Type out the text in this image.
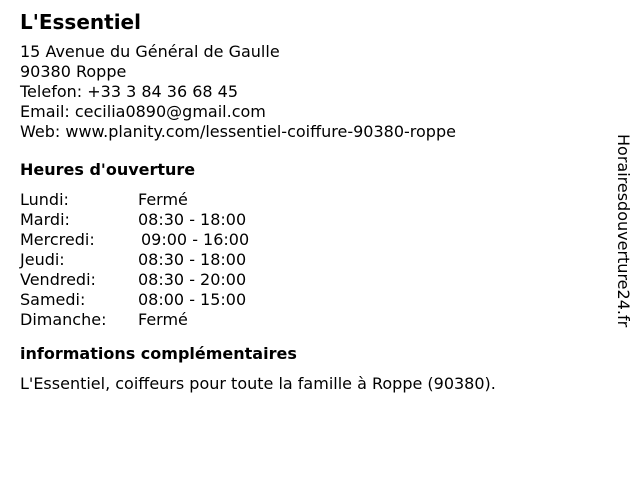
L'Essentiel
15 Avenue du Général de Gaulle
90380 Roppe
Telefon: +33 3 84 36 68 45
Email: cecilia0890@gmail.com
Web: www.planity.com/lessentiel-coiffure-90380-roppe
Heures d'ouverture
Lundi:	Fermé
Mardi:	08:30 - 18:00
Mercredi:	09:00 - 16:00
Jeudi:	08:30 - 18:00
Vendredi:	08:30 - 20:00
Samedi:	08:00 - 15:00
Dimanche:	Fermé
informations complémentaires
L'Essentiel, coiffeurs pour toute la famille à Roppe (90380).
Horairesdouverture24.fr
